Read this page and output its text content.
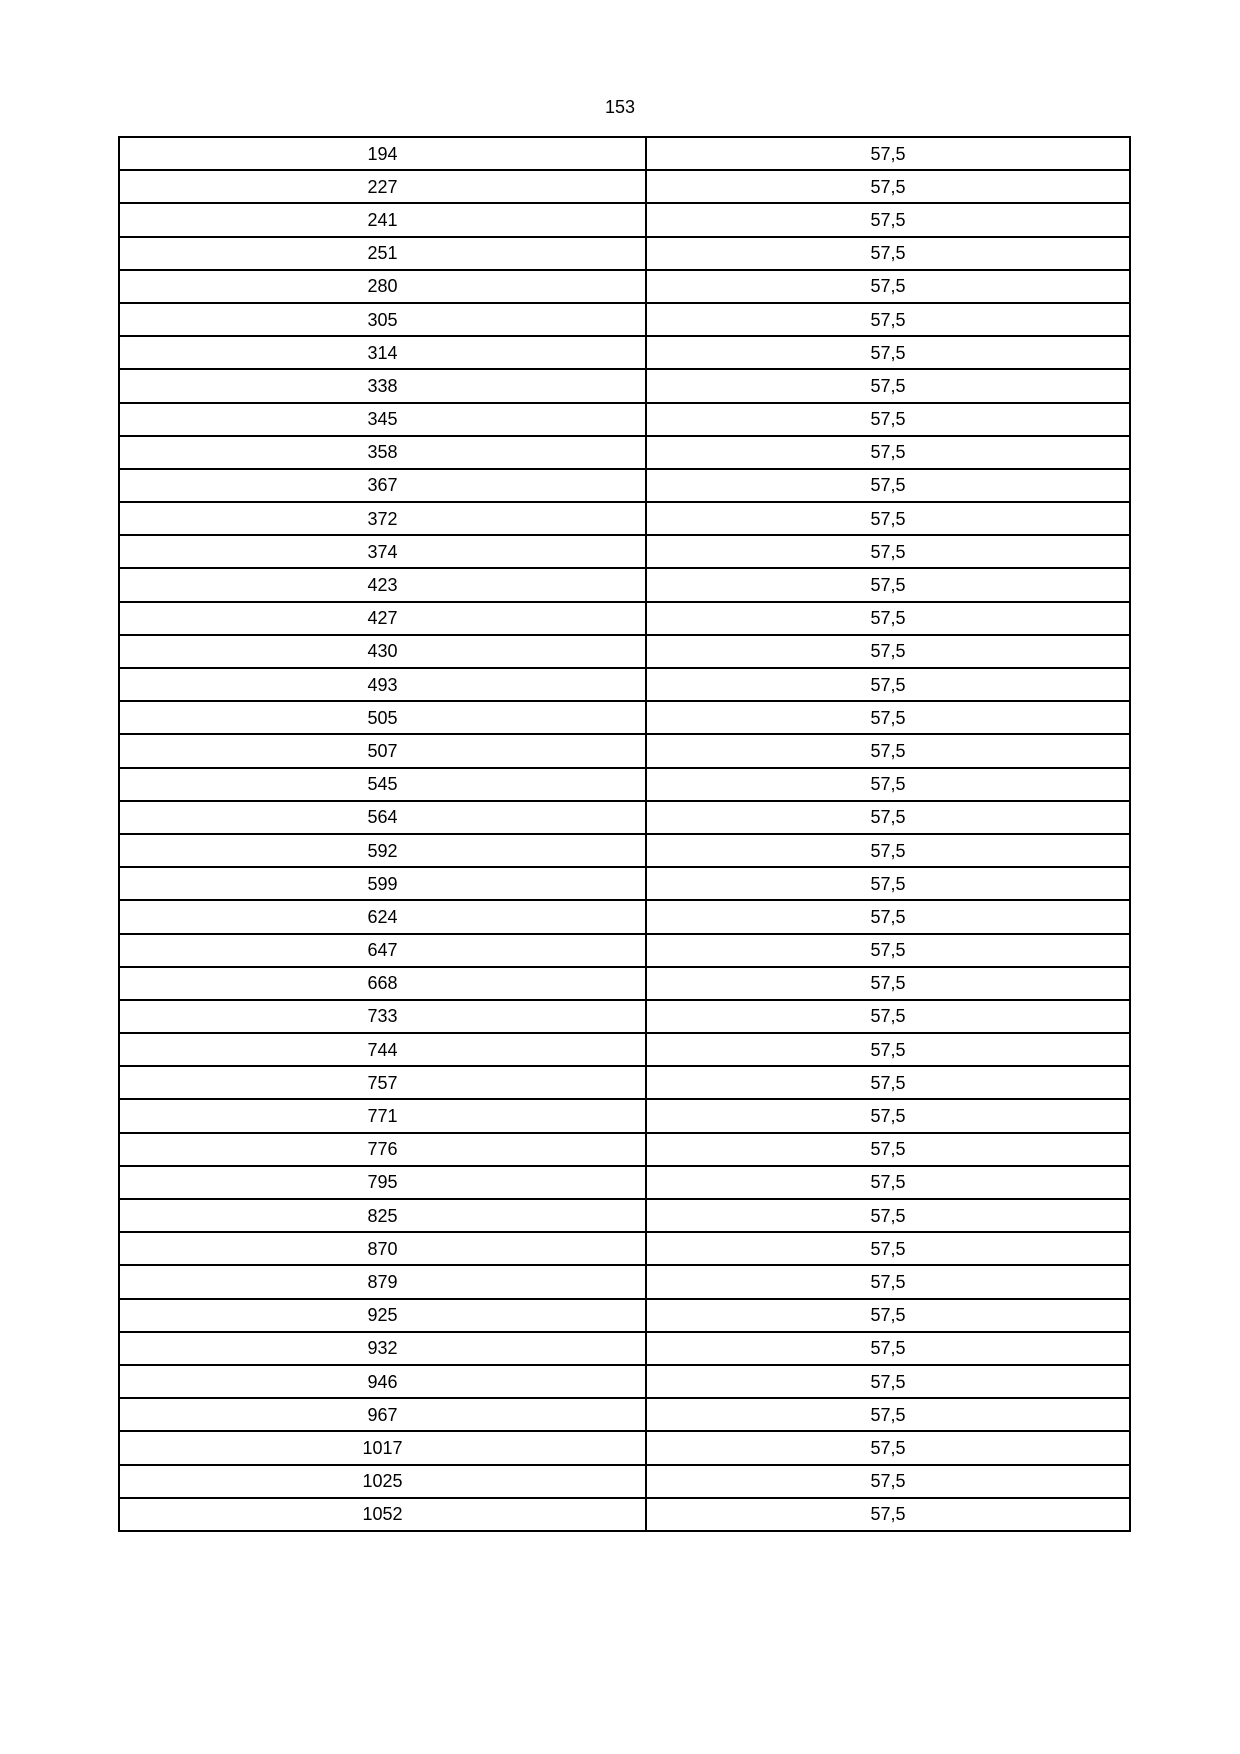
153
194	57,5
227	57,5
241	57,5
251	57,5
280	57,5
305	57,5
314	57,5
338	57,5
345	57,5
358	57,5
367	57,5
372	57,5
374	57,5
423	57,5
427	57,5
430	57,5
493	57,5
505	57,5
507	57,5
545	57,5
564	57,5
592	57,5
599	57,5
624	57,5
647	57,5
668	57,5
733	57,5
744	57,5
757	57,5
771	57,5
776	57,5
795	57,5
825	57,5
870	57,5
879	57,5
925	57,5
932	57,5
946	57,5
967	57,5
1017	57,5
1025	57,5
1052	57,5
